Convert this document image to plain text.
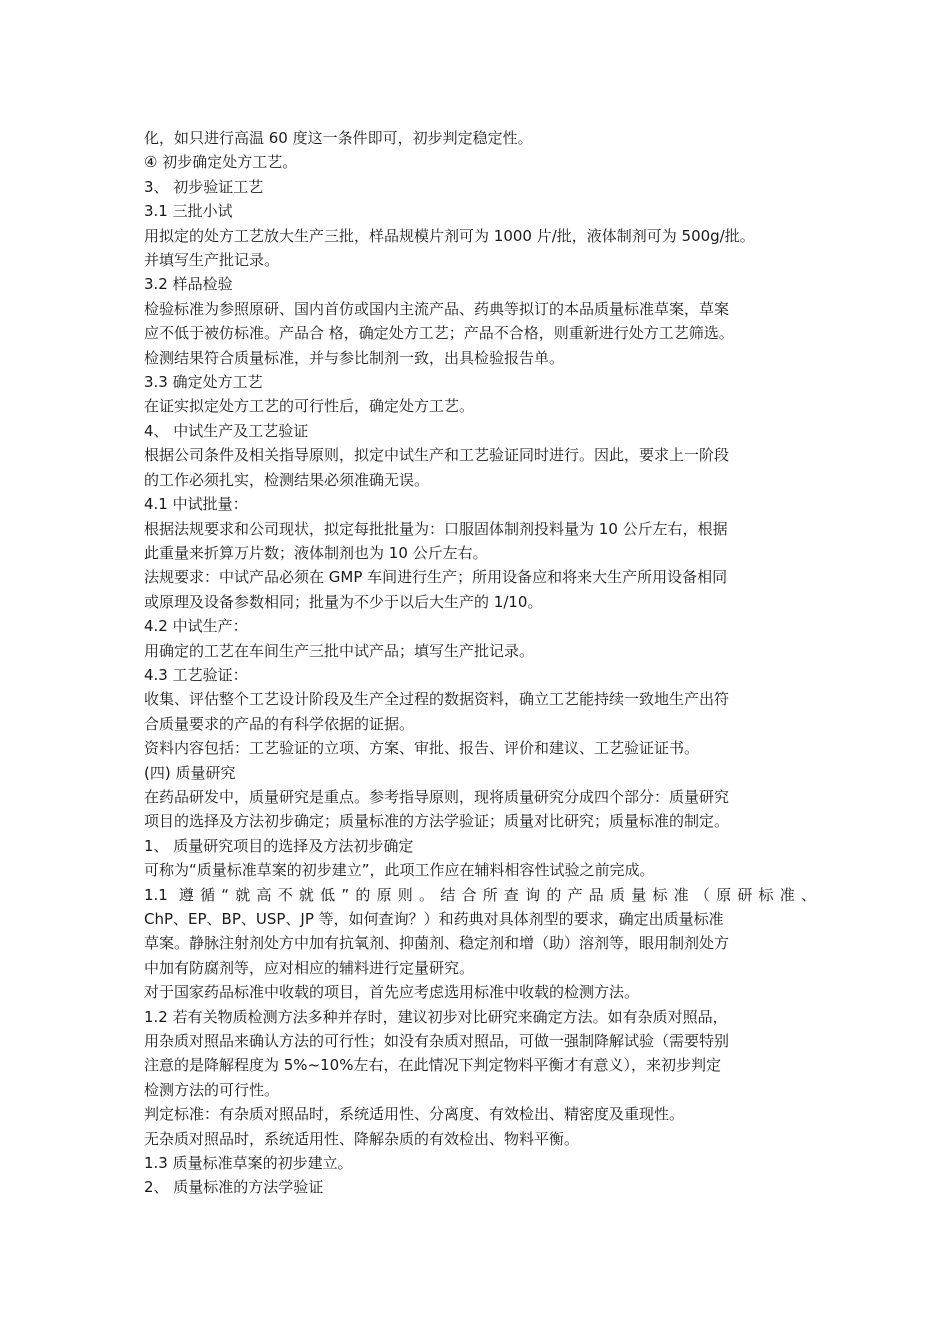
化，如只进行高温 60 度这一条件即可，初步判定稳定性。

④ 初步确定处方工艺。

3、 初步验证工艺

3.1 三批小试

用拟定的处方工艺放大生产三批，样品规模片剂可为 1000 片/批，液体制剂可为 500g/批。

并填写生产批记录。

3.2 样品检验

检验标准为参照原研、国内首仿或国内主流产品、药典等拟订的本品质量标准草案，草案

应不低于被仿标准。产品合 格，确定处方工艺；产品不合格，则重新进行处方工艺筛选。

检测结果符合质量标准，并与参比制剂一致，出具检验报告单。

3.3 确定处方工艺

在证实拟定处方工艺的可行性后，确定处方工艺。

4、 中试生产及工艺验证

根据公司条件及相关指导原则，拟定中试生产和工艺验证同时进行。因此，要求上一阶段

的工作必须扎实，检测结果必须准确无误。

4.1 中试批量：

根据法规要求和公司现状，拟定每批批量为：口服固体制剂投料量为 10 公斤左右，根据

此重量来折算万片数；液体制剂也为 10 公斤左右。

法规要求：中试产品必须在 GMP 车间进行生产；所用设备应和将来大生产所用设备相同

或原理及设备参数相同；批量为不少于以后大生产的 1/10。

4.2 中试生产：

用确定的工艺在车间生产三批中试产品；填写生产批记录。

4.3 工艺验证：

收集、评估整个工艺设计阶段及生产全过程的数据资料，确立工艺能持续一致地生产出符

合质量要求的产品的有科学依据的证据。

资料内容包括：工艺验证的立项、方案、审批、报告、评价和建议、工艺验证证书。

(四) 质量研究

在药品研发中，质量研究是重点。参考指导原则，现将质量研究分成四个部分：质量研究

项目的选择及方法初步确定；质量标准的方法学验证；质量对比研究；质量标准的制定。

1、 质量研究项目的选择及方法初步确定

可称为“质量标准草案的初步建立”，此项工作应在辅料相容性试验之前完成。

1.1 遵循“就高不就低”的原则。结合所查询的产品质量标准（原研标准、

ChP、EP、BP、USP、JP 等，如何查询？）和药典对具体剂型的要求，确定出质量标准

草案。静脉注射剂处方中加有抗氧剂、抑菌剂、稳定剂和增（助）溶剂等，眼用制剂处方

中加有防腐剂等，应对相应的辅料进行定量研究。

对于国家药品标准中收载的项目，首先应考虑选用标准中收载的检测方法。

1.2 若有关物质检测方法多种并存时，建议初步对比研究来确定方法。如有杂质对照品，

用杂质对照品来确认方法的可行性；如没有杂质对照品，可做一强制降解试验（需要特别

注意的是降解程度为 5%~10%左右，在此情况下判定物料平衡才有意义），来初步判定

检测方法的可行性。

判定标准：有杂质对照品时，系统适用性、分离度、有效检出、精密度及重现性。

无杂质对照品时，系统适用性、降解杂质的有效检出、物料平衡。

1.3 质量标准草案的初步建立。

2、 质量标准的方法学验证
